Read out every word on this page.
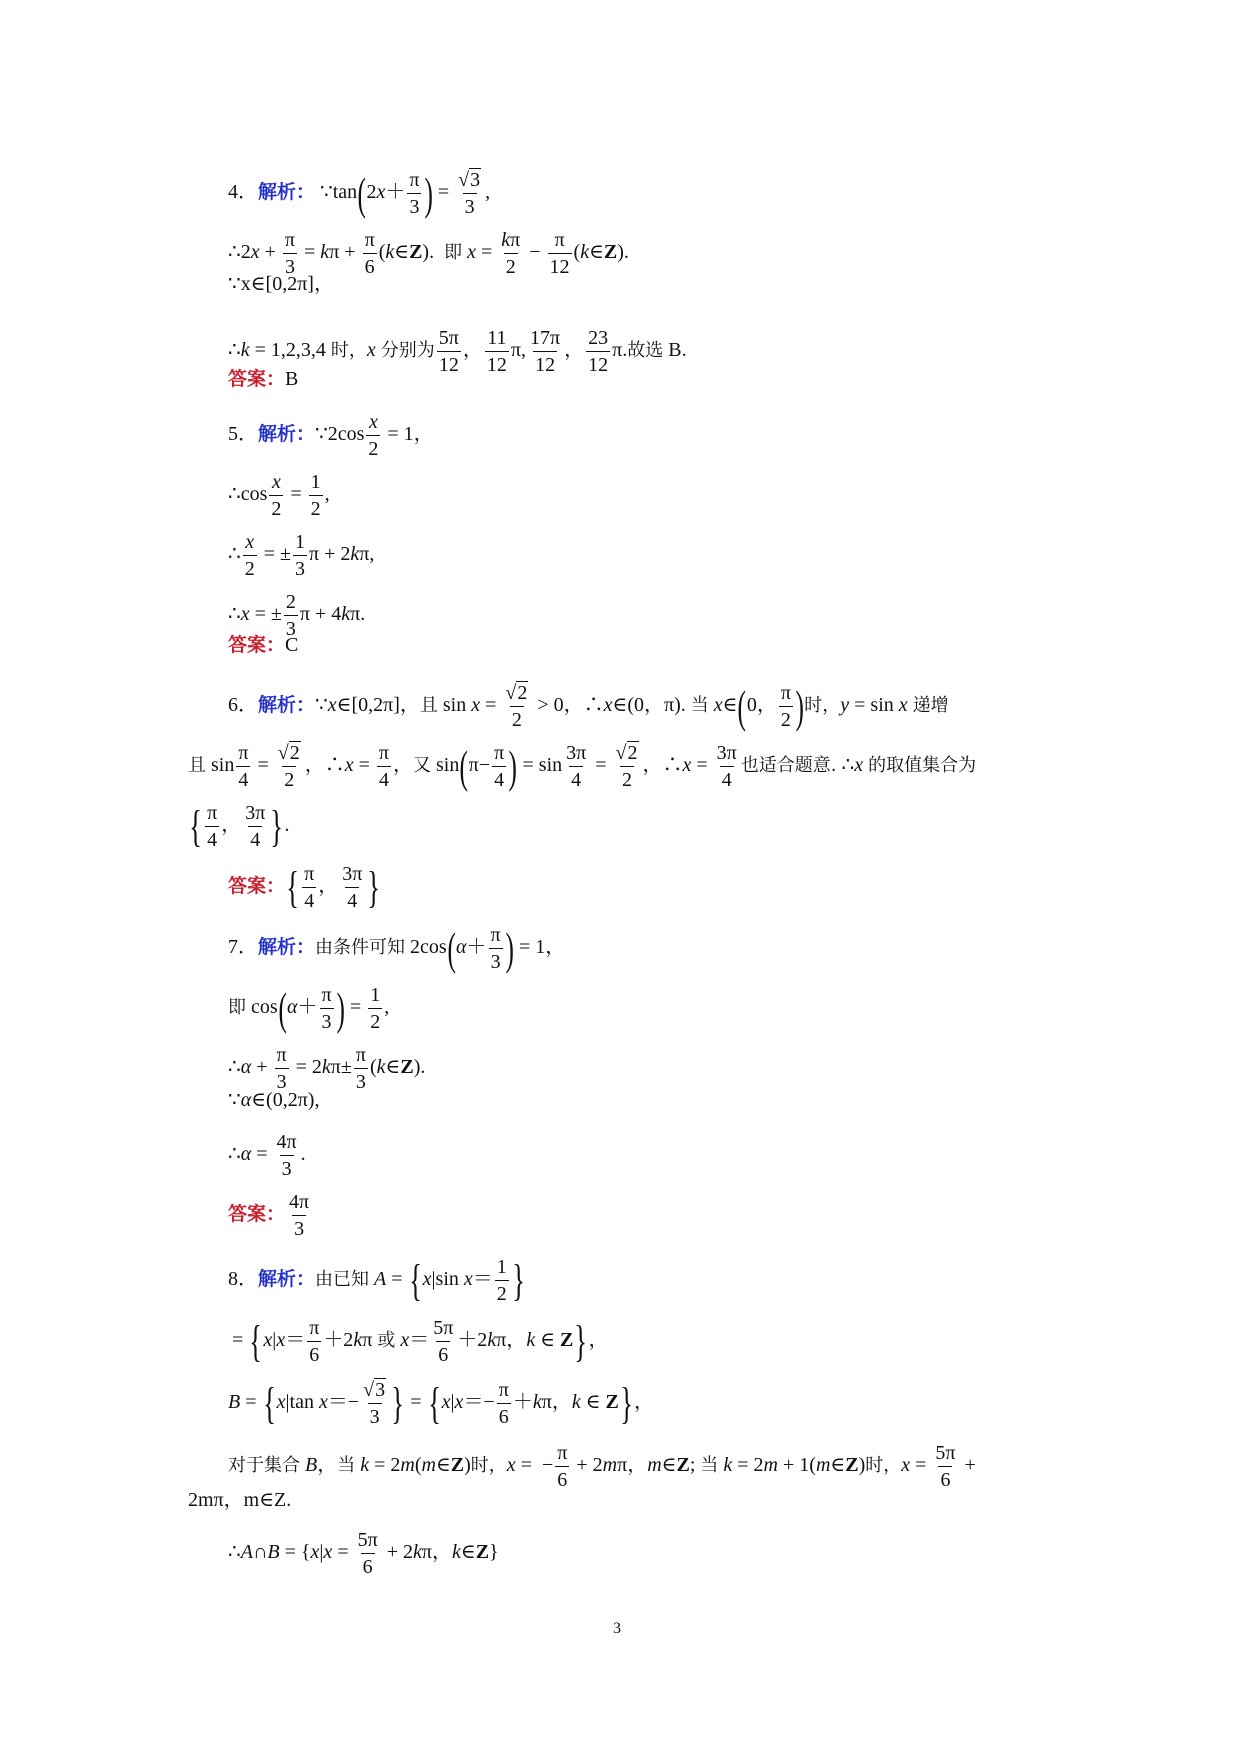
4．解析： ∵tan(2x＋ $\frac{\pi}{3}$ ) = $\frac{√3}{3}$ ,
∴2x + $\frac{\pi}{3} = k\pi + \frac{\pi}{6}$ (k∈Z).  即 $x = \frac{k\pi}{2} - \frac{\pi}{12}$ (k∈Z).
∵x∈[0,2π]，
∴k = 1,2,3,4 时，x 分别为 $\frac{5\pi}{12}$ ， $\frac{11}{12} \pi$, $\frac{17\pi}{12}$ ， $\frac{23}{12} \pi$.故选 B.
答案：B
5．解析：∵2cos $\frac{x}{2} = 1$，
∴cos $\frac{x}{2} = \frac{1}{2}$ ,
∴ $\frac{x}{2}$ = ± $\frac{1}{3}$ π + 2kπ,
∴x = ± $\frac{2}{3}$ π + 4kπ.
答案：C
6．解析：∵x∈[0,2π]，且 $\sin x = \frac{√2}{2} > 0$，∴x∈(0，π). 当 x∈(0， $\frac{\pi}{2}$ )时，y = sin x 递增
且 $\sin \frac{\pi}{4} = \frac{√2}{2}$ ，∴x = $\frac{\pi}{4}$ ，又 $\sin(\pi- \frac{\pi}{4}$ ) = $\sin \frac{3\pi}{4} = \frac{√2}{2}$ ，∴x = $\frac{3\pi}{4}$ 也适合题意. ∴x 的取值集合为
{ $\frac{\pi}{4}$ ， $\frac{3\pi}{4}$ }.
答案：{ $\frac{\pi}{4}$ ， $\frac{3\pi}{4}$ }
7．解析：由条件可知 $2\cos(\alpha+ \frac{\pi}{3}$ ) = 1，
即 $\cos(\alpha+ \frac{\pi}{3}$ ) = $\frac{1}{2}$ ,
∴α + $\frac{\pi}{3} = 2k\pi\pm \frac{\pi}{3}$ (k∈Z).
∵α∈(0,2π),
∴α = $\frac{4\pi}{3}$ .
答案： $\frac{4\pi}{3}$
8．解析：由已知 A = {x|sin $x= \frac{1}{2}$ }
= {$x|x= \frac{\pi}{6} +2k\pi$ 或 $x= \frac{5\pi}{6} +2k\pi$，k ∈ Z}，
B = {x|tan $x=- \frac{√3}{3}$ } = {$x|x=- \frac{\pi}{6} +k\pi$，k ∈ Z}，
对于集合 B，当 k = 2m(m∈Z)时，x =  − $\frac{\pi}{6} + 2m\pi$，m∈Z; 当 k = 2m + 1(m∈Z)时，$x = \frac{5\pi}{6}$ +
2mπ，m∈Z.
∴A∩B = {$x|x = \frac{5\pi}{6} + 2k\pi$，k∈Z}
3
